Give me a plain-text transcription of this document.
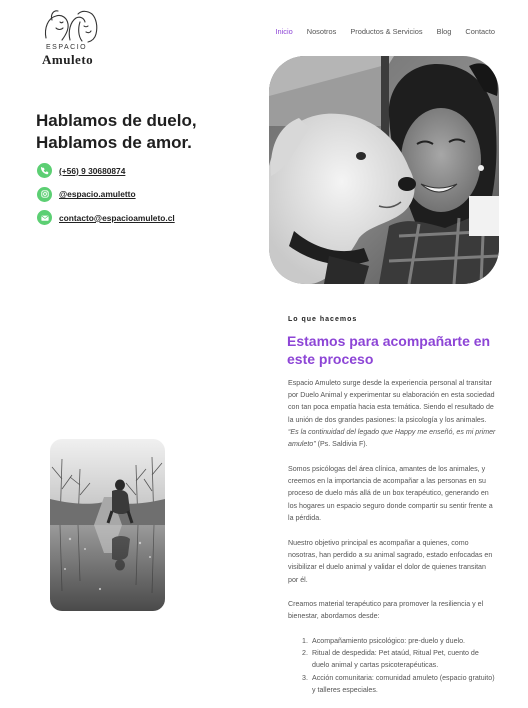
ESPACIO
Amuleto
Inicio Nosotros Productos & Servicios Blog Contacto
Hablamos de duelo,
Hablamos de amor.
(+56) 9 30680874
@espacio.amuletto
contacto@espacioamuleto.cl
Lo que hacemos
Estamos para acompañarte en este proceso

Espacio Amuleto surge desde la experiencia personal al transitar por Duelo Animal y experimentar su elaboración en esta sociedad con tan poca empatía hacia esta temática. Siendo el resultado de la unión de dos grandes pasiones: la psicología y los animales. “Es la continuidad del legado que Happy me enseñó, es mi primer amuleto” (Ps. Saldivia F).

Somos psicólogas del área clínica, amantes de los animales, y creemos en la importancia de acompañar a las personas en su proceso de duelo más allá de un box terapéutico, generando en los hogares un espacio seguro donde compartir su sentir frente a la pérdida.

Nuestro objetivo principal es acompañar a quienes, como nosotras, han perdido a su animal sagrado, estado enfocadas en visibilizar el duelo animal y validar el dolor de quienes transitan por él.

Creamos material terapéutico para promover la resiliencia y el bienestar, abordamos desde:

1. Acompañamiento psicológico: pre-duelo y duelo.
2. Ritual de despedida: Pet ataúd, Ritual Pet, cuento de duelo animal y cartas psicoterapéuticas.
3. Acción comunitaria: comunidad amuleto (espacio gratuito) y talleres especiales.
